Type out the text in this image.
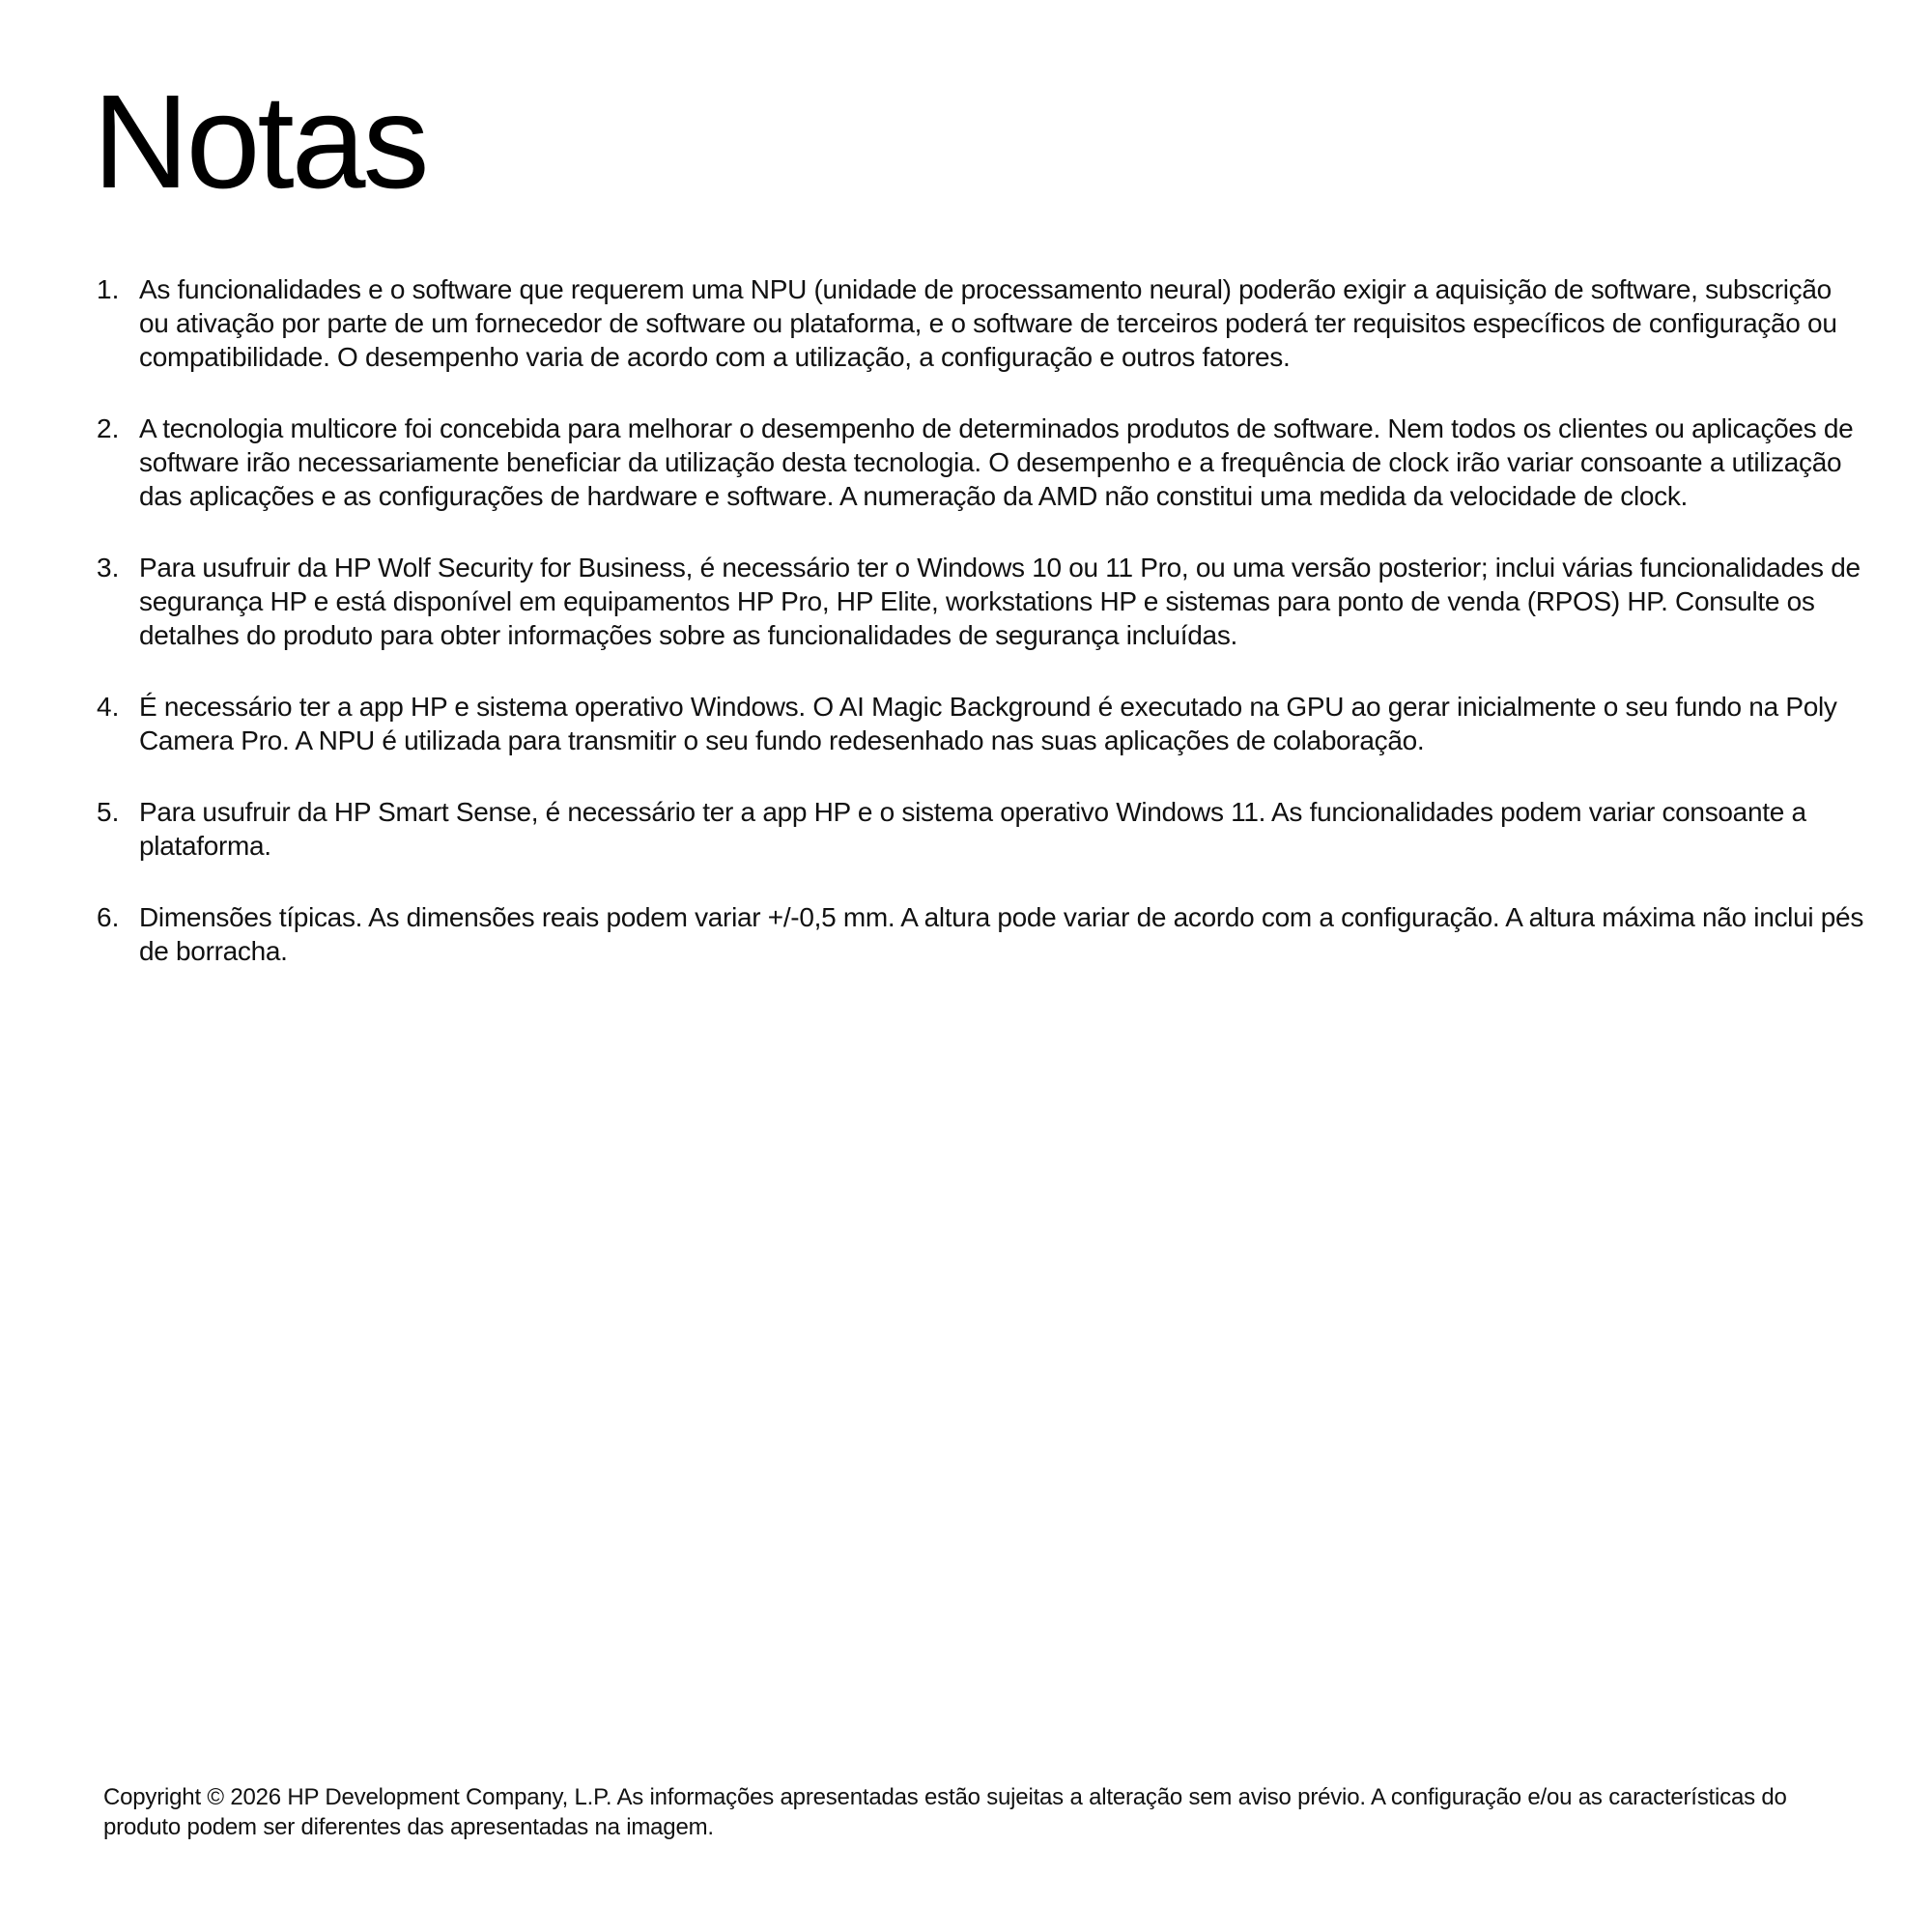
Notas
1. As funcionalidades e o software que requerem uma NPU (unidade de processamento neural) poderão exigir a aquisição de software, subscrição ou ativação por parte de um fornecedor de software ou plataforma, e o software de terceiros poderá ter requisitos específicos de configuração ou compatibilidade. O desempenho varia de acordo com a utilização, a configuração e outros fatores.
2. A tecnologia multicore foi concebida para melhorar o desempenho de determinados produtos de software. Nem todos os clientes ou aplicações de software irão necessariamente beneficiar da utilização desta tecnologia. O desempenho e a frequência de clock irão variar consoante a utilização das aplicações e as configurações de hardware e software. A numeração da AMD não constitui uma medida da velocidade de clock.
3. Para usufruir da HP Wolf Security for Business, é necessário ter o Windows 10 ou 11 Pro, ou uma versão posterior; inclui várias funcionalidades de segurança HP e está disponível em equipamentos HP Pro, HP Elite, workstations HP e sistemas para ponto de venda (RPOS) HP. Consulte os detalhes do produto para obter informações sobre as funcionalidades de segurança incluídas.
4. É necessário ter a app HP e sistema operativo Windows. O AI Magic Background é executado na GPU ao gerar inicialmente o seu fundo na Poly Camera Pro. A NPU é utilizada para transmitir o seu fundo redesenhado nas suas aplicações de colaboração.
5. Para usufruir da HP Smart Sense, é necessário ter a app HP e o sistema operativo Windows 11. As funcionalidades podem variar consoante a plataforma.
6. Dimensões típicas. As dimensões reais podem variar +/-0,5 mm. A altura pode variar de acordo com a configuração. A altura máxima não inclui pés de borracha.

Copyright © 2026 HP Development Company, L.P. As informações apresentadas estão sujeitas a alteração sem aviso prévio. A configuração e/ou as características do produto podem ser diferentes das apresentadas na imagem.
